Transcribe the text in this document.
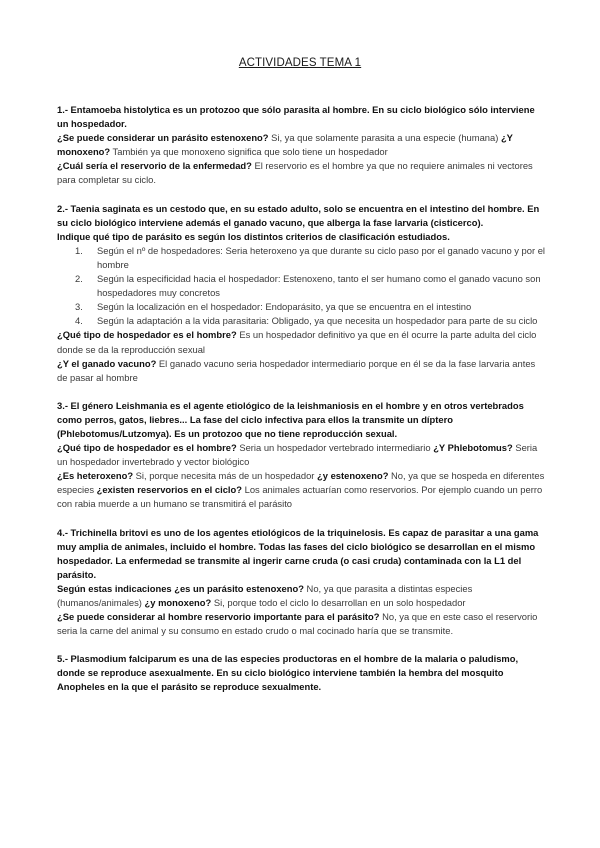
ACTIVIDADES TEMA 1

1.- Entamoeba histolytica es un protozoo que sólo parasita al hombre. En su ciclo biológico sólo interviene un hospedador.

¿Se puede considerar un parásito estenoxeno? Si, ya que solamente parasita a una especie (humana) ¿Y monoxeno? También ya que monoxeno significa que solo tiene un hospedador

¿Cuál sería el reservorio de la enfermedad? El reservorio es el hombre ya que no requiere animales ni vectores para completar su ciclo.

2.- Taenia saginata es un cestodo que, en su estado adulto, solo se encuentra en el intestino del hombre. En su ciclo biológico interviene además el ganado vacuno, que alberga la fase larvaria (cisticerco).

Indique qué tipo de parásito es según los distintos criterios de clasificación estudiados.

1. Según el nº de hospedadores: Seria heteroxeno ya que durante su ciclo paso por el ganado vacuno y por el hombre
2. Según la especificidad hacia el hospedador: Estenoxeno, tanto el ser humano como el ganado vacuno son hospedadores muy concretos
3. Según la localización en el hospedador: Endoparásito, ya que se encuentra en el intestino
4. Según la adaptación a la vida parasitaria: Obligado, ya que necesita un hospedador para parte de su ciclo

¿Qué tipo de hospedador es el hombre? Es un hospedador definitivo ya que en él ocurre la parte adulta del ciclo donde se da la reproducción sexual

¿Y el ganado vacuno? El ganado vacuno seria hospedador intermediario porque en él se da la fase larvaria antes de pasar al hombre

3.- El género Leishmania es el agente etiológico de la leishmaniosis en el hombre y en otros vertebrados como perros, gatos, liebres... La fase del ciclo infectiva para ellos la transmite un díptero (Phlebotomus/Lutzomya). Es un protozoo que no tiene reproducción sexual.
¿Qué tipo de hospedador es el hombre? Seria un hospedador vertebrado intermediario ¿Y Phlebotomus? Seria un hospedador invertebrado y vector biológico
¿Es heteroxeno? Si, porque necesita más de un hospedador ¿y estenoxeno? No, ya que se hospeda en diferentes especies ¿existen reservorios en el ciclo? Los animales actuarían como reservorios. Por ejemplo cuando un perro con rabia muerde a un humano se transmitirá el parásito

4.- Trichinella britovi es uno de los agentes etiológicos de la triquinelosis. Es capaz de parasitar a una gama muy amplia de animales, incluido el hombre. Todas las fases del ciclo biológico se desarrollan en el mismo hospedador. La enfermedad se transmite al ingerir carne cruda (o casi cruda) contaminada con la L1 del parásito.
Según estas indicaciones ¿es un parásito estenoxeno? No, ya que parasita a distintas especies (humanos/animales) ¿y monoxeno? Si, porque todo el ciclo lo desarrollan en un solo hospedador
¿Se puede considerar al hombre reservorio importante para el parásito? No, ya que en este caso el reservorio seria la carne del animal y su consumo en estado crudo o mal cocinado haría que se transmite.

5.- Plasmodium falciparum es una de las especies productoras en el hombre de la malaria o paludismo, donde se reproduce asexualmente. En su ciclo biológico interviene también la hembra del mosquito Anopheles en la que el parásito se reproduce sexualmente.
